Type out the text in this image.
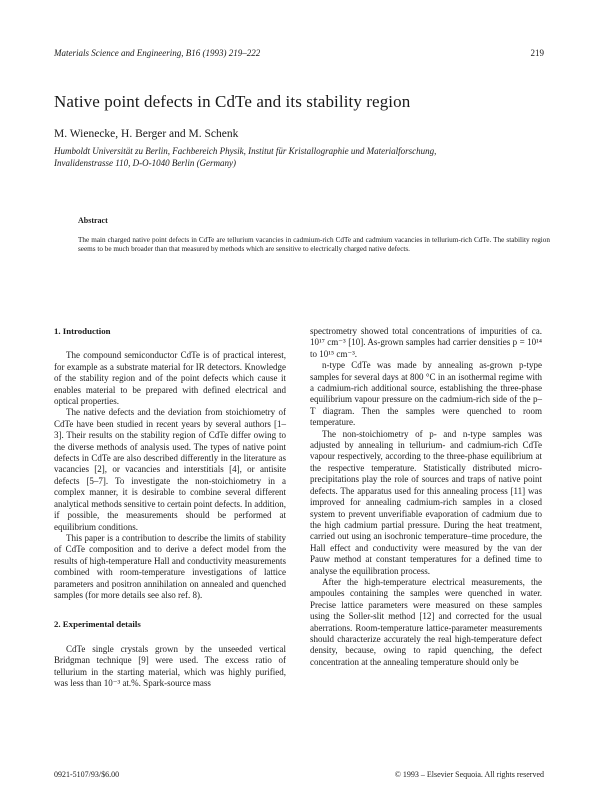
Materials Science and Engineering, B16 (1993) 219–222	219
Native point defects in CdTe and its stability region
M. Wienecke, H. Berger and M. Schenk
Humboldt Universität zu Berlin, Fachbereich Physik, Institut für Kristallographie und Materialforschung,
Invalidenstrasse 110, D-O-1040 Berlin (Germany)
Abstract
The main charged native point defects in CdTe are tellurium vacancies in cadmium-rich CdTe and cadmium vacancies in tellurium-rich CdTe. The stability region seems to be much broader than that measured by methods which are sensitive to electrically charged native defects.

1. Introduction

The compound semiconductor CdTe is of practical interest, for example as a substrate material for IR detectors. Knowledge of the stability region and of the point defects which cause it enables material to be prepared with defined electrical and optical properties.

The native defects and the deviation from stoichiometry of CdTe have been studied in recent years by several authors [1–3]. Their results on the stability region of CdTe differ owing to the diverse methods of analysis used. The types of native point defects in CdTe are also described differently in the literature as vacancies [2], or vacancies and interstitials [4], or antisite defects [5–7]. To investigate the non-stoichiometry in a complex manner, it is desirable to combine several different analytical methods sensitive to certain point defects. In addition, if possible, the measurements should be performed at equilibrium conditions.

This paper is a contribution to describe the limits of stability of CdTe composition and to derive a defect model from the results of high-temperature Hall and conductivity measurements combined with room-temperature investigations of lattice parameters and positron annihilation on annealed and quenched samples (for more details see also ref. 8).

2. Experimental details

CdTe single crystals grown by the unseeded vertical Bridgman technique [9] were used. The excess ratio of tellurium in the starting material, which was highly purified, was less than 10⁻³ at.%. Spark-source mass

spectrometry showed total concentrations of impurities of ca. 10¹⁷ cm⁻³ [10]. As-grown samples had carrier densities p = 10¹⁴ to 10¹⁵ cm⁻³.

n-type CdTe was made by annealing as-grown p-type samples for several days at 800 °C in an isothermal regime with a cadmium-rich additional source, establishing the three-phase equilibrium vapour pressure on the cadmium-rich side of the p–T diagram. Then the samples were quenched to room temperature.

The non-stoichiometry of p- and n-type samples was adjusted by annealing in tellurium- and cadmium-rich CdTe vapour respectively, according to the three-phase equilibrium at the respective temperature. Statistically distributed micro-precipitations play the role of sources and traps of native point defects. The apparatus used for this annealing process [11] was improved for annealing cadmium-rich samples in a closed system to prevent unverifiable evaporation of cadmium due to the high cadmium partial pressure. During the heat treatment, carried out using an isochronic temperature–time procedure, the Hall effect and conductivity were measured by the van der Pauw method at constant temperatures for a defined time to analyse the equilibration process.

After the high-temperature electrical measurements, the ampoules containing the samples were quenched in water. Precise lattice parameters were measured on these samples using the Soller-slit method [12] and corrected for the usual aberrations. Room-temperature lattice-parameter measurements should characterize accurately the real high-temperature defect density, because, owing to rapid quenching, the defect concentration at the annealing temperature should only be

0921-5107/93/$6.00	© 1993 – Elsevier Sequoia. All rights reserved
